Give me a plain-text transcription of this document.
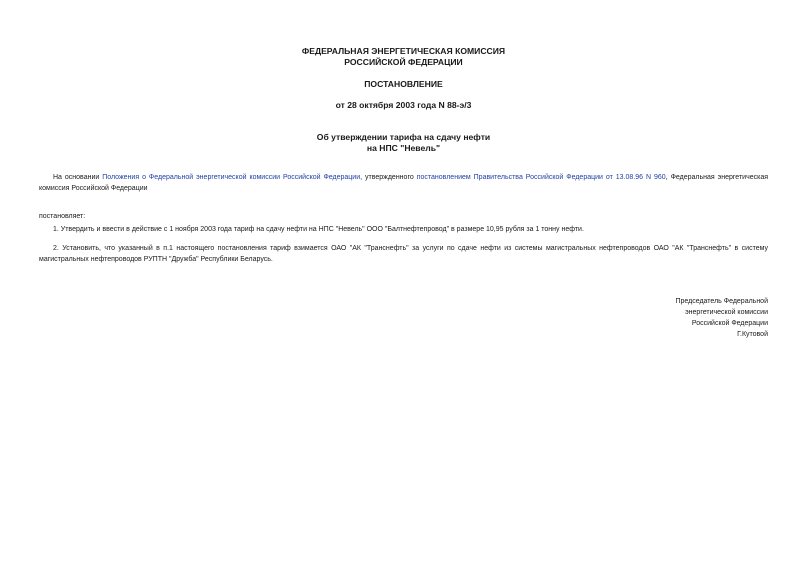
ФЕДЕРАЛЬНАЯ ЭНЕРГЕТИЧЕСКАЯ КОМИССИЯ
РОССИЙСКОЙ ФЕДЕРАЦИИ
ПОСТАНОВЛЕНИЕ
от 28 октября 2003 года N 88-э/3
Об утверждении тарифа на сдачу нефти
на НПС "Невель"
На основании Положения о Федеральной энергетической комиссии Российской Федерации, утвержденного постановлением Правительства Российской Федерации от 13.08.96 N 960, Федеральная энергетическая комиссия Российской Федерации
постановляет:
1. Утвердить и ввести в действие с 1 ноября 2003 года тариф на сдачу нефти на НПС "Невель" ООО "Балтнефтепровод" в размере 10,95 рубля за 1 тонну нефти.
2. Установить, что указанный в п.1 настоящего постановления тариф взимается ОАО "АК "Транснефть" за услуги по сдаче нефти из системы магистральных нефтепроводов ОАО "АК "Транснефть" в систему магистральных нефтепроводов РУПТН "Дружба" Республики Беларусь.
Председатель Федеральной
энергетической комиссии
Российской Федерации
Г.Кутовой
